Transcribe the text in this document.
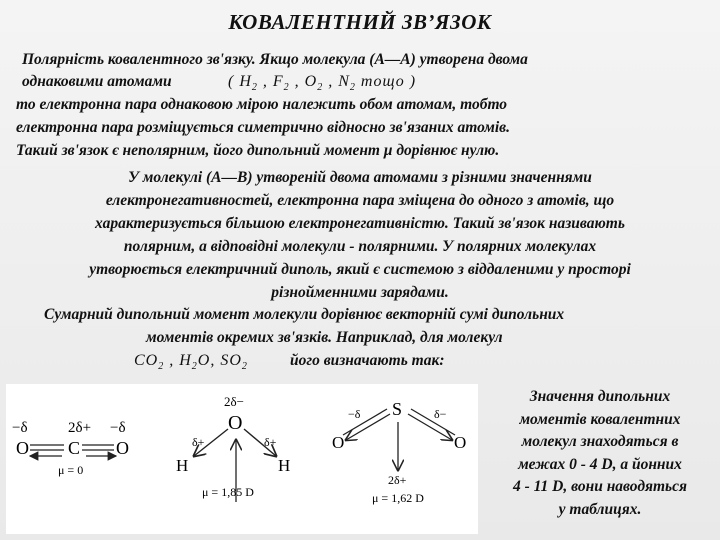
КОВАЛЕНТНИЙ ЗВ’ЯЗОК
Полярність ковалентного зв'язку. Якщо молекула (А—А) утворена двома
однаковими атомами	( $H_2$ , $F_2$ , $O_2$ , $N_2$ тощо )
то електронна пара однаковою мірою належить обом атомам, тобто
електронна пара розміщується симетрично відносно зв'язаних атомів.
Такий зв'язок є неполярним, його дипольний момент μ дорівнює нулю.
У молекулі (А—В) утвореній двома атомами з різними значеннями
електронегативностей, електронна пара зміщена до одного з атомів, що
характеризується більшою електронегативністю. Такий зв'язок називають
полярним, а відповідні молекули - полярними. У полярних молекулах
утворюється електричний диполь, який є системою з віддаленими у просторі
різнойменними зарядами.
Сумарний дипольний момент молекули дорівнює векторній сумі дипольних
моментів окремих зв'язків. Наприклад, для молекул
$CO_2$ , $H_2O$, $SO_2$	його визначають так:
−δ	2δ+ −δ
O C O
μ = 0
2δ−
O
δ+	δ+
H	H
μ = 1,85 D
S
−δ	δ−
O	O
2δ+
μ = 1,62 D
Значення дипольних
моментів ковалентних
молекул знаходяться в
межах 0 - 4 D, а йонних
4 - 11 D, вони наводяться
у таблицях.
